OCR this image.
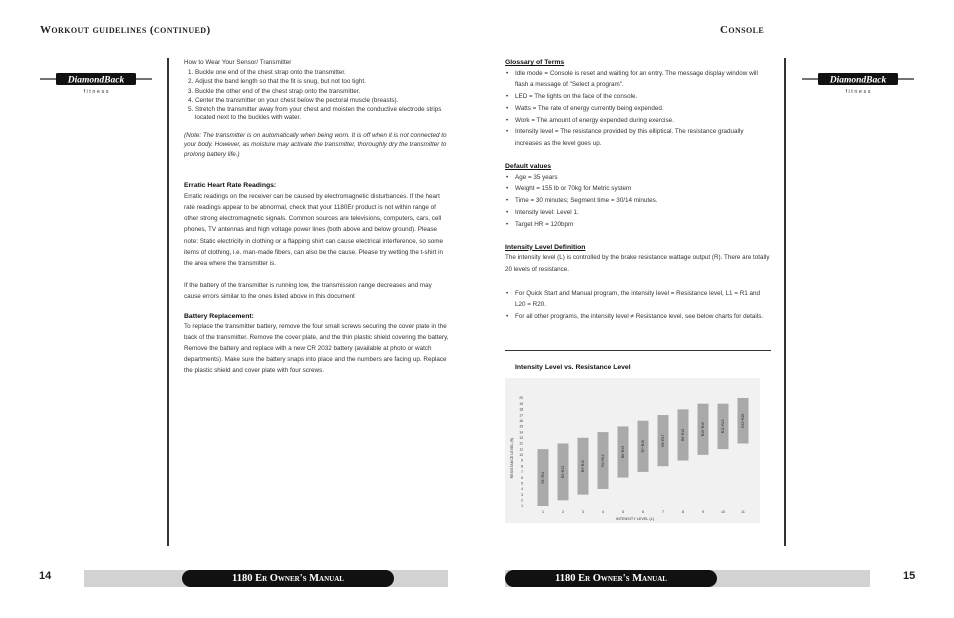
Workout guidelines (continued)
DiamondBack
f i t n e s s

How to Wear Your Sensor/ Transmitter

1. Buckle one end of the chest strap onto the transmitter.
2. Adjust the band length so that the fit is snug, but not too tight.
3. Buckle the other end of the chest strap onto the transmitter.
4. Center the transmitter on your chest below the pectoral muscle (breasts).
5. Stretch the transmitter away from your chest and moisten the conductive electrode strips located next to the buckles with water.

(Note: The transmitter is on automatically when being worn. It is off when it is not connected to your body. However, as moisture may activate the transmitter, thoroughly dry the transmitter to prolong battery life.)

Erratic Heart Rate Readings:

Erratic readings on the receiver can be caused by electromagnetic disturbances. If the heart rate readings appear to be abnormal, check that your 1180Er product is not within range of other strong electromagnetic signals. Common sources are televisions, computers, cars, cell phones, TV antennas and high voltage power lines (both above and below ground). Please note: Static electricity in clothing or a flapping shirt can cause electrical interference, so some items of clothing, i.e. man-made fibers, can also be the cause. Please try wetting the t-shirt in the area where the transmitter is.

If the battery of the transmitter is running low, the transmission range decreases and may cause errors similar to the ones listed above in this document

Battery Replacement:

To replace the transmitter battery, remove the four small screws securing the cover plate in the back of the transmitter. Remove the cover plate, and the thin plastic shield covering the battery, Remove the battery and replace with a new CR 2032 battery (available at photo or watch departments). Make sure the battery snaps into place and the numbers are facing up. Replace the plastic shield and cover plate with four screws.

Console
DiamondBack
f i t n e s s

Glossary of Terms

• Idle mode = Console is reset and waiting for an entry. The message display window will flash a message of "Select a program".
• LED = The lights on the face of the console.
• Watts = The rate of energy currently being expended.
• Work = The amount of energy expended during exercise.
• Intensity level = The resistance provided by this elliptical. The resistance gradually increases as the level goes up.

Default values

• Age = 35 years
• Weight = 155 lb or 70kg for Metric system
• Time = 30 minutes; Segment time = 30/14 minutes.
• Intensity level: Level 1.
• Target HR = 120bpm

Intensity Level Definition

The intensity level (L) is controlled by the brake resistance wattage output (R). There are totally 20 levels of resistance.

• For Quick Start and Manual program, the intensity level = Resistance level, L1 = R1 and L20 = R20.
• For all other programs, the intensity level ≠ Resistance level, see below charts for details.
Intensity Level vs. Resistance Level
1
2
3
4
5
6
7
8
9
10
11
12
13
14
15
16
17
18
19
20
R1~R11	R2~R12	R3~R13	R4~R14
R6~R15	R7~R16	R8~R17	R9~R18	R10~R19	R11~R19	R12~R20
1	2	3	4	5	6	7	8	9	10	11
RESISTANCE LEVEL (R)
INTENSITY LEVEL (L)
14	1180 Er Owner's Manual	1180 Er Owner's Manual	15
